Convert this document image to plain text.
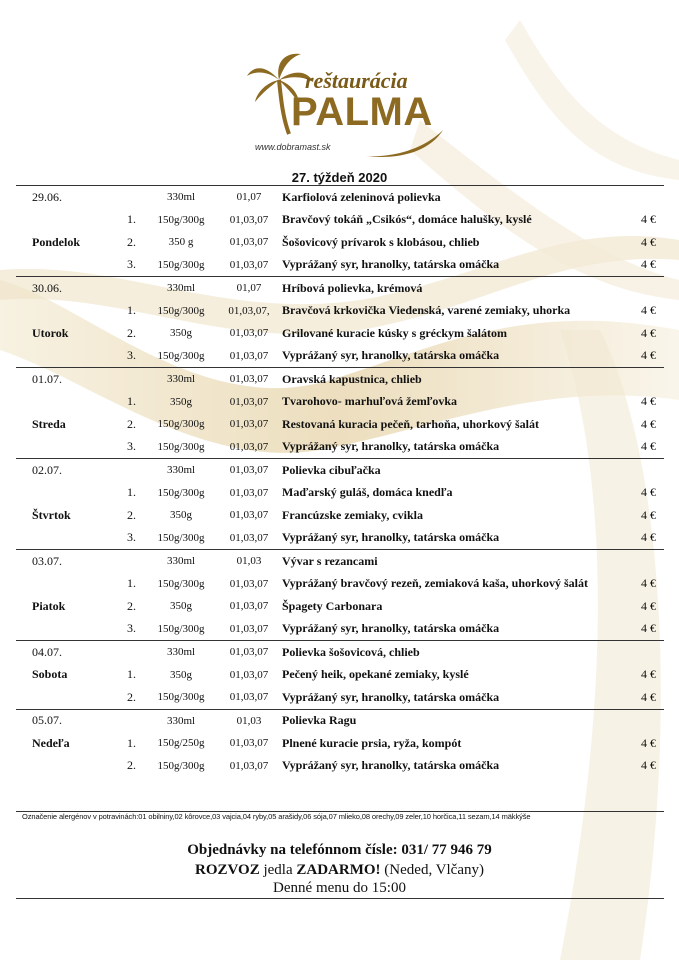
reštaurácia
PALMA
www.dobramast.sk
27. týždeň 2020
29.06.		330ml	01,07	Karfiolová zeleninová polievka	
	1.	150g/300g	01,03,07	Bravčový tokáň „Csikós“, domáce halušky, kyslé	4 €
Pondelok	2.	350 g	01,03,07	Šošovicový prívarok s klobásou, chlieb	4 €
	3.	150g/300g	01,03,07	Vyprážaný syr, hranolky, tatárska omáčka	4 €
30.06.		330ml	01,07	Hríbová polievka, krémová	
	1.	150g/300g	01,03,07,	Bravčová krkovička Viedenská, varené zemiaky, uhorka	4 €
Utorok	2.	350g	01,03,07	Grilované kuracie kúsky s gréckym šalátom	4 €
	3.	150g/300g	01,03,07	Vyprážaný syr, hranolky, tatárska omáčka	4 €
01.07.		330ml	01,03,07	Oravská kapustnica, chlieb	
	1.	350g	01,03,07	Tvarohovo- marhuľová žemľovka	4 €
Streda	2.	150g/300g	01,03,07	Restovaná kuracia pečeň, tarhoňa, uhorkový šalát	4 €
	3.	150g/300g	01,03,07	Vyprážaný syr, hranolky, tatárska omáčka	4 €
02.07.		330ml	01,03,07	Polievka cibuľačka	
	1.	150g/300g	01,03,07	Maďarský guláš, domáca knedľa	4 €
Štvrtok	2.	350g	01,03,07	Francúzske zemiaky, cvikla	4 €
	3.	150g/300g	01,03,07	Vyprážaný syr, hranolky, tatárska omáčka	4 €
03.07.		330ml	01,03	Vývar s rezancami	
	1.	150g/300g	01,03,07	Vyprážaný bravčový rezeň, zemiaková kaša, uhorkový šalát	4 €
Piatok	2.	350g	01,03,07	Špagety Carbonara	4 €
	3.	150g/300g	01,03,07	Vyprážaný syr, hranolky, tatárska omáčka	4 €
04.07.		330ml	01,03,07	Polievka šošovicová, chlieb	
Sobota	1.	350g	01,03,07	Pečený heik, opekané zemiaky, kyslé	4 €
	2.	150g/300g	01,03,07	Vyprážaný syr, hranolky, tatárska omáčka	4 €
05.07.		330ml	01,03	Polievka Ragu	
Nedeľa	1.	150g/250g	01,03,07	Plnené kuracie prsia, ryža, kompót	4 €
	2.	150g/300g	01,03,07	Vyprážaný syr, hranolky, tatárska omáčka	4 €
Označenie alergénov v potravinách:01 obilniny,02 kôrovce,03 vajcia,04 ryby,05 arašidy,06 sója,07 mlieko,08 orechy,09 zeler,10 horčica,11 sezam,14 mäkkýše
Objednávky na telefónnom čísle: 031/ 77 946 79
ROZVOZ jedla ZADARMO! (Neded, Vlčany)
Denné menu do 15:00
